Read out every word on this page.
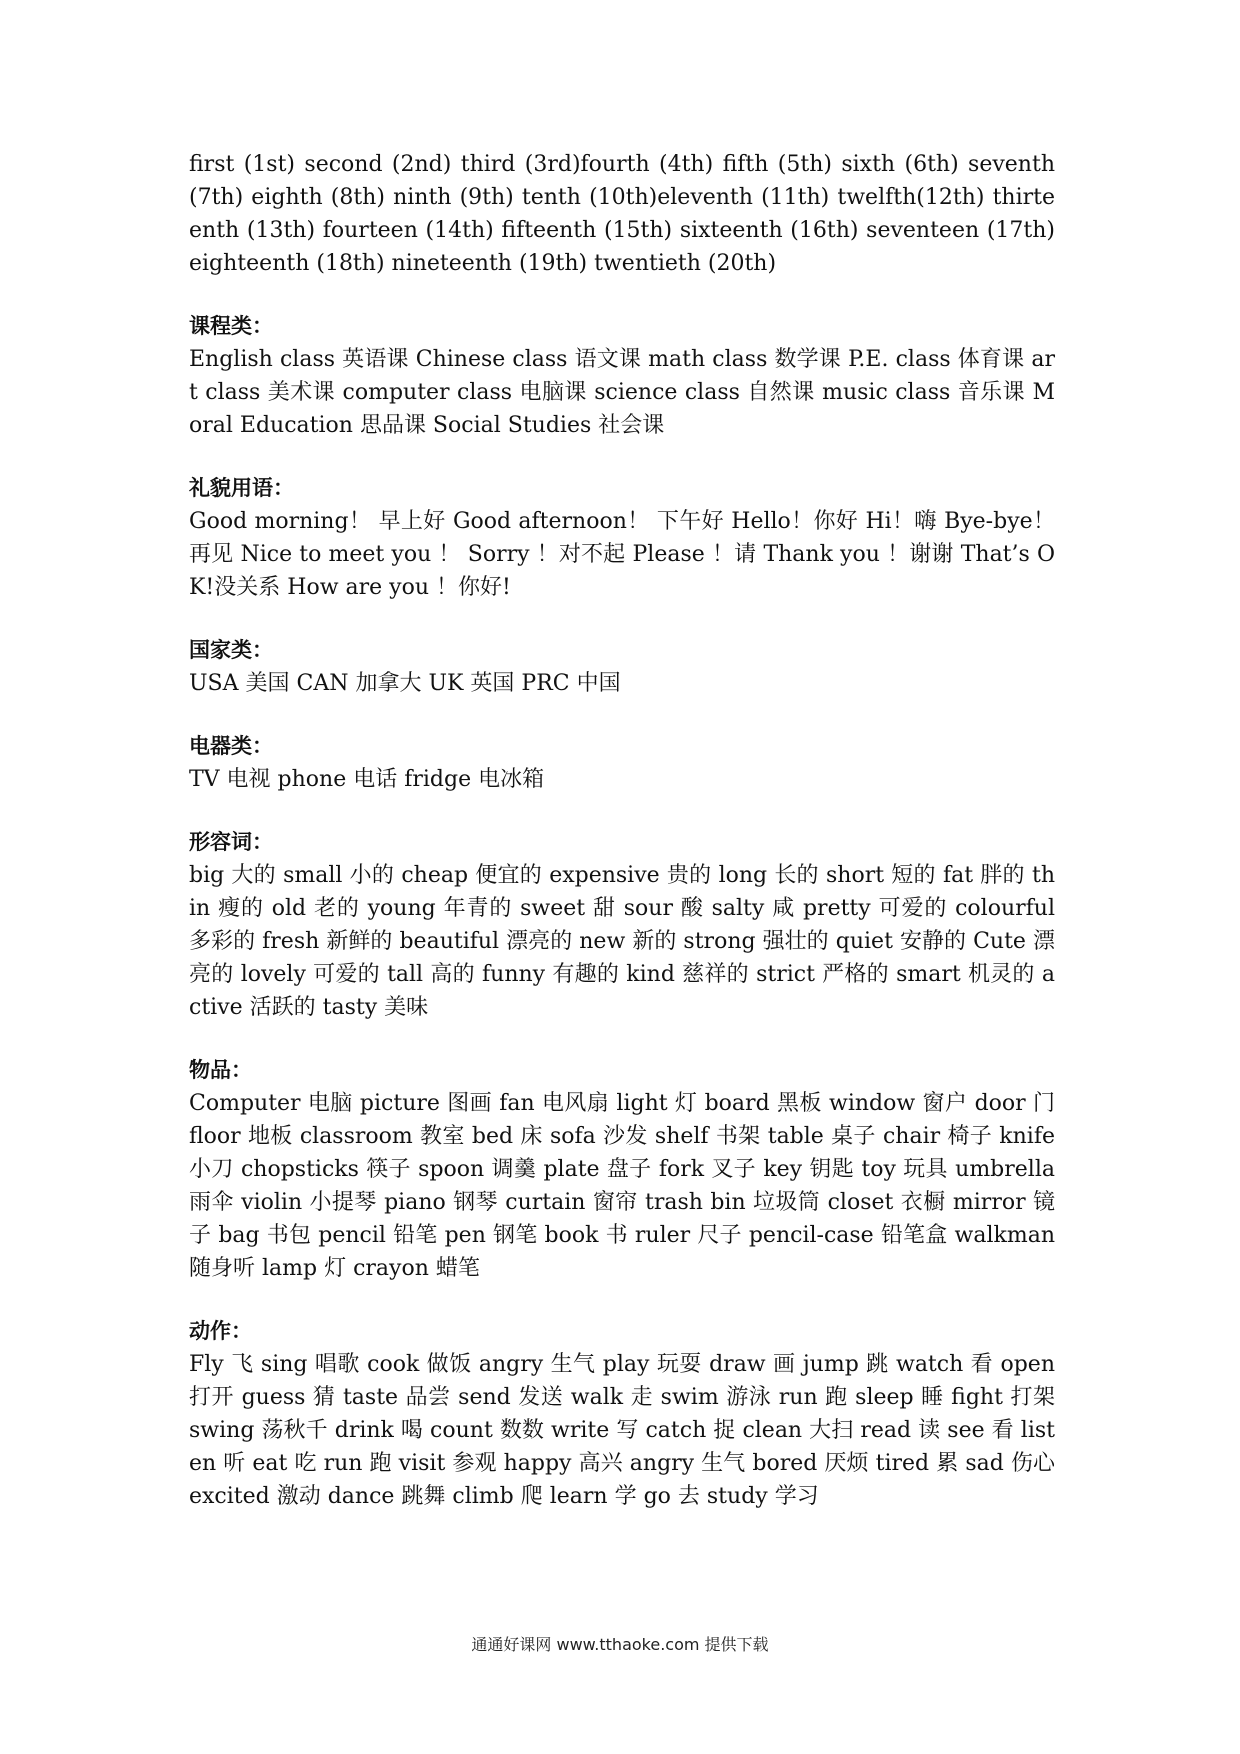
first (1st) second (2nd) third (3rd)fourth (4th) fifth (5th) sixth (6th) seventh (7th) eighth (8th) ninth (9th) tenth (10th)eleventh (11th) twelfth(12th) thirteenth (13th) fourteen (14th) fifteenth (15th) sixteenth (16th) seventeen (17th) eighteenth (18th) nineteenth (19th) twentieth (20th)

课程类：

English class 英语课 Chinese class 语文课 math class 数学课 P.E. class 体育课 art class 美术课 computer class 电脑课 science class 自然课 music class 音乐课 Moral Education 思品课 Social Studies 社会课

礼貌用语：

Good morning！ 早上好 Good afternoon！ 下午好 Hello！你好 Hi！嗨 Bye-bye！再见 Nice to meet you ！ Sorry ！对不起 Please ！请 Thank you ！谢谢 That’s OK!没关系 How are you ！你好!

国家类：

USA 美国 CAN 加拿大 UK 英国 PRC 中国

电器类：

TV 电视 phone 电话 fridge 电冰箱

形容词：

big 大的 small 小的 cheap 便宜的 expensive 贵的 long 长的 short 短的 fat 胖的 thin 瘦的 old 老的 young 年青的 sweet 甜 sour 酸 salty 咸 pretty 可爱的 colourful 多彩的 fresh 新鲜的 beautiful 漂亮的 new 新的 strong 强壮的 quiet 安静的 Cute 漂亮的 lovely 可爱的 tall 高的 funny 有趣的 kind 慈祥的 strict 严格的 smart 机灵的 active 活跃的 tasty 美味

物品：

Computer 电脑 picture 图画 fan 电风扇 light 灯 board 黑板 window 窗户 door 门 floor 地板 classroom 教室 bed 床 sofa 沙发 shelf 书架 table 桌子 chair 椅子 knife 小刀 chopsticks 筷子 spoon 调羹 plate 盘子 fork 叉子 key 钥匙 toy 玩具 umbrella 雨伞 violin 小提琴 piano 钢琴 curtain 窗帘 trash bin 垃圾筒 closet 衣橱 mirror 镜子 bag 书包 pencil 铅笔 pen 钢笔 book 书 ruler 尺子 pencil-case 铅笔盒 walkman 随身听 lamp 灯 crayon 蜡笔

动作：

Fly 飞 sing 唱歌 cook 做饭 angry 生气 play 玩耍 draw 画 jump 跳 watch 看 open 打开 guess 猜 taste 品尝 send 发送 walk 走 swim 游泳 run 跑 sleep 睡 fight 打架 swing 荡秋千 drink 喝 count 数数 write 写 catch 捉 clean 大扫 read 读 see 看 listen 听 eat 吃 run 跑 visit 参观 happy 高兴 angry 生气 bored 厌烦 tired 累 sad 伤心 excited 激动 dance 跳舞 climb 爬 learn 学 go 去 study 学习

通通好课网 www.tthaoke.com 提供下载
